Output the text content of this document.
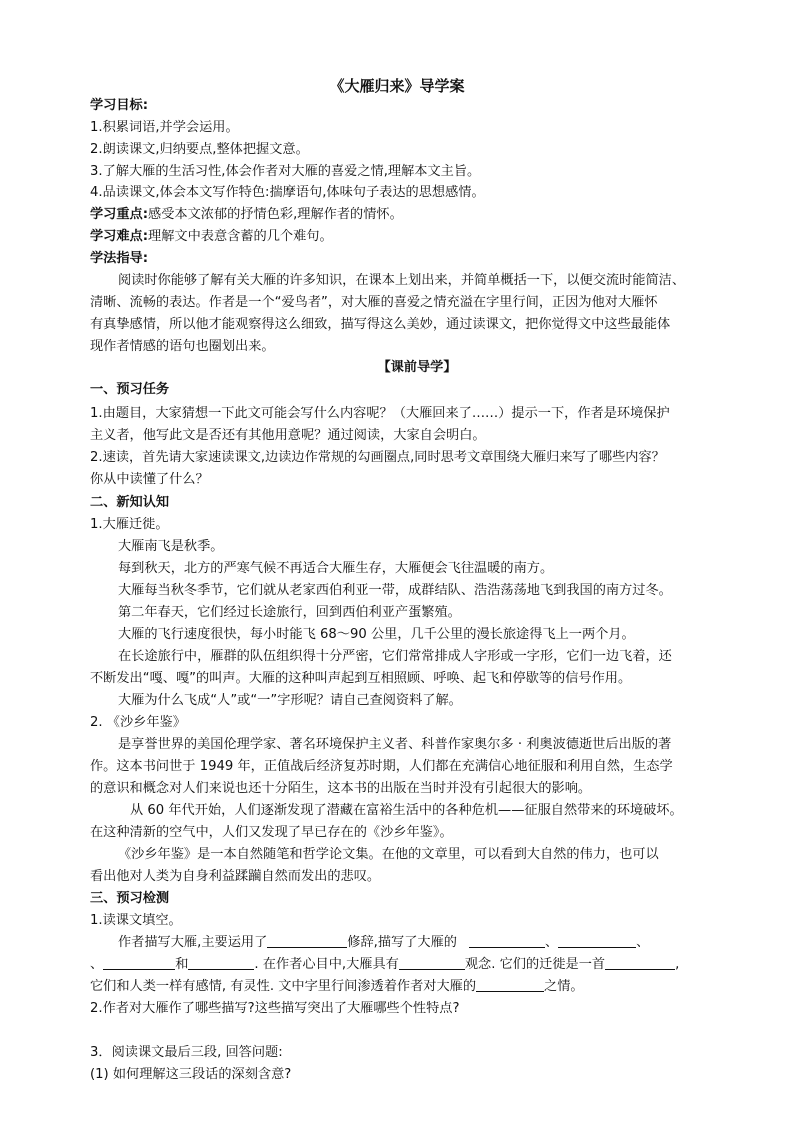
《大雁归来》导学案
学习目标:
1.积累词语,并学会运用。
2.朗读课文,归纳要点,整体把握文意。
3.了解大雁的生活习性,体会作者对大雁的喜爱之情,理解本文主旨。
4.品读课文,体会本文写作特色:揣摩语句,体味句子表达的思想感情。
学习重点:感受本文浓郁的抒情色彩,理解作者的情怀。
学习难点:理解文中表意含蓄的几个难句。
学法指导:
阅读时你能够了解有关大雁的许多知识，在课本上划出来，并简单概括一下，以便交流时能简洁、
清晰、流畅的表达。作者是一个“爱鸟者”，对大雁的喜爱之情充溢在字里行间，正因为他对大雁怀
有真挚感情，所以他才能观察得这么细致，描写得这么美妙，通过读课文，把你觉得文中这些最能体
现作者情感的语句也圈划出来。
【课前导学】
一、预习任务
1.由题目，大家猜想一下此文可能会写什么内容呢？（大雁回来了……）提示一下，作者是环境保护
主义者，他写此文是否还有其他用意呢？通过阅读，大家自会明白。
2.速读，首先请大家速读课文,边读边作常规的勾画圈点,同时思考文章围绕大雁归来写了哪些内容？
你从中读懂了什么？
二、新知认知
1.大雁迁徙。
大雁南飞是秋季。
每到秋天，北方的严寒气候不再适合大雁生存，大雁便会飞往温暖的南方。
大雁每当秋冬季节，它们就从老家西伯利亚一带，成群结队、浩浩荡荡地飞到我国的南方过冬。
第二年春天，它们经过长途旅行，回到西伯利亚产蛋繁殖。
大雁的飞行速度很快，每小时能飞 68～90 公里，几千公里的漫长旅途得飞上一两个月。
在长途旅行中，雁群的队伍组织得十分严密，它们常常排成人字形或一字形，它们一边飞着，还
不断发出“嘎、嘎”的叫声。大雁的这种叫声起到互相照顾、呼唤、起飞和停歇等的信号作用。
大雁为什么飞成“人”或“一”字形呢？请自己查阅资料了解。
2. 《沙乡年鉴》
是享誉世界的美国伦理学家、著名环境保护主义者、科普作家奥尔多 · 利奥波德逝世后出版的著
作。这本书问世于 1949 年，正值战后经济复苏时期，人们都在充满信心地征服和利用自然，生态学
的意识和概念对人们来说也还十分陌生，这本书的出版在当时并没有引起很大的影响。
从 60 年代开始，人们逐渐发现了潜藏在富裕生活中的各种危机——征服自然带来的环境破坏。
在这种清新的空气中，人们又发现了早已存在的《沙乡年鉴》。
《沙乡年鉴》是一本自然随笔和哲学论文集。在他的文章里，可以看到大自然的伟力，也可以
看出他对人类为自身利益蹂躏自然而发出的悲叹。
三、预习检测
1.读课文填空。
作者描写大雁,主要运用了	修辞,描写了大雁的	、	、
、	和	. 在作者心目中,大雁具有	观念. 它们的迁徙是一首	,
它们和人类一样有感情, 有灵性. 文中字里行间渗透着作者对大雁的	之情。
2.作者对大雁作了哪些描写?这些描写突出了大雁哪些个性特点?
3．阅读课文最后三段, 回答问题:
(1) 如何理解这三段话的深刻含意?
